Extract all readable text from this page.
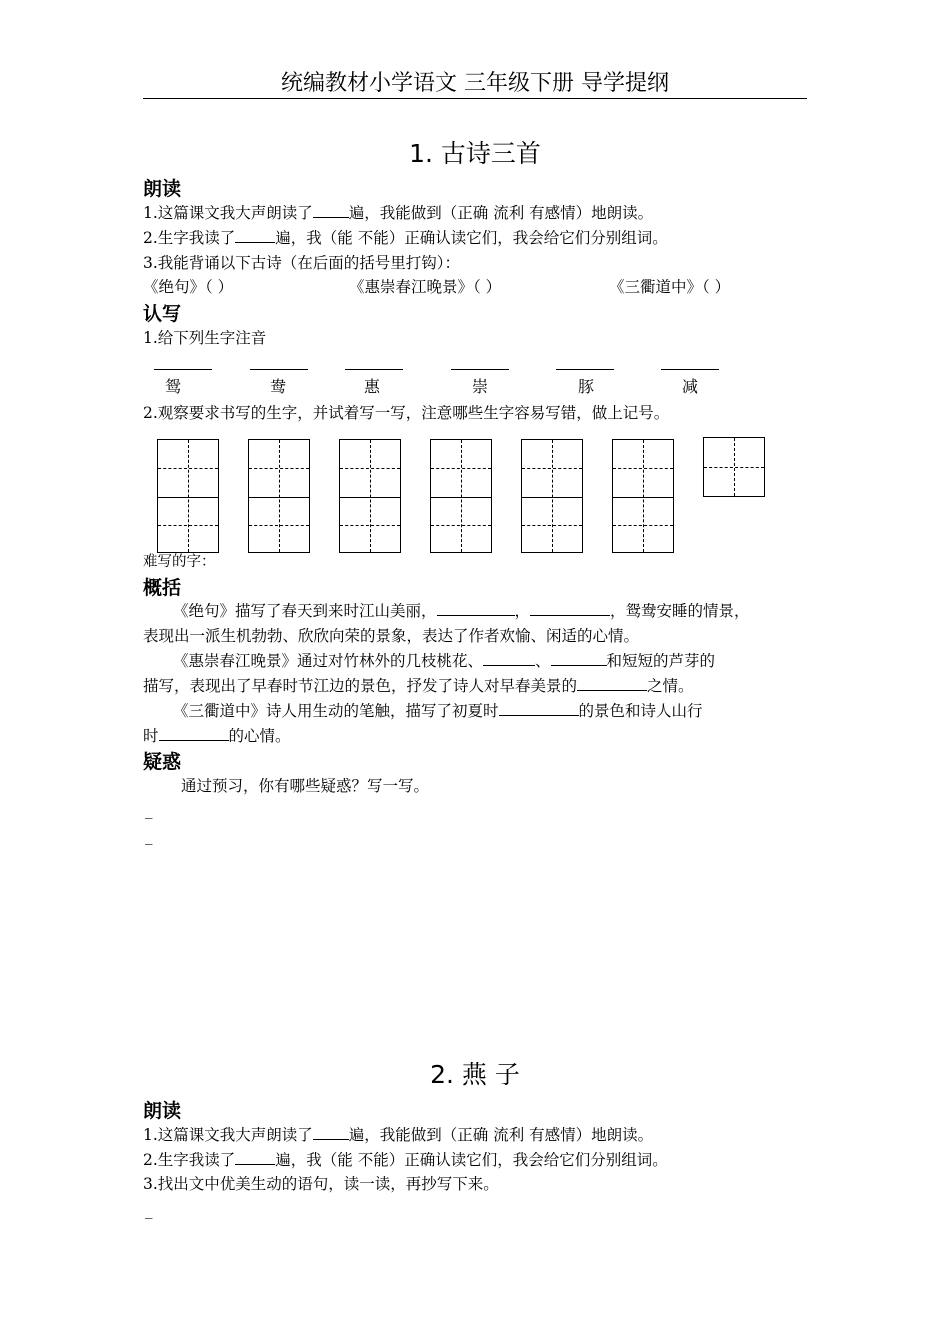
统编教材小学语文 三年级下册 导学提纲
1. 古诗三首
朗读
1.这篇课文我大声朗读了 遍，我能做到（正确 流利 有感情）地朗读。
2.生字我读了	遍，我（能 不能）正确认读它们，我会给它们分别组词。
3.我能背诵以下古诗（在后面的括号里打钩）：
《绝句》（ ）	《惠崇春江晚景》（ ）	《三衢道中》（ ）
认写
1.给下列生字注音
鸳	鸯	惠	崇	豚	减
2.观察要求书写的生字，并试着写一写，注意哪些生字容易写错，做上记号。
难写的字：
概括
《绝句》描写了春天到来时江山美丽，	，	，鸳鸯安睡的情景，
表现出一派生机勃勃、欣欣向荣的景象，表达了作者欢愉、闲适的心情。
《惠崇春江晚景》通过对竹林外的几枝桃花、	、	和短短的芦芽的
描写，表现出了早春时节江边的景色，抒发了诗人对早春美景的	之情。
《三衢道中》诗人用生动的笔触，描写了初夏时	的景色和诗人山行
时	的心情。
疑惑
通过预习，你有哪些疑惑？写一写。
_
_
2. 燕 子
朗读
1.这篇课文我大声朗读了 遍，我能做到（正确 流利 有感情）地朗读。
2.生字我读了	遍，我（能 不能）正确认读它们，我会给它们分别组词。
3.找出文中优美生动的语句，读一读，再抄写下来。
_
